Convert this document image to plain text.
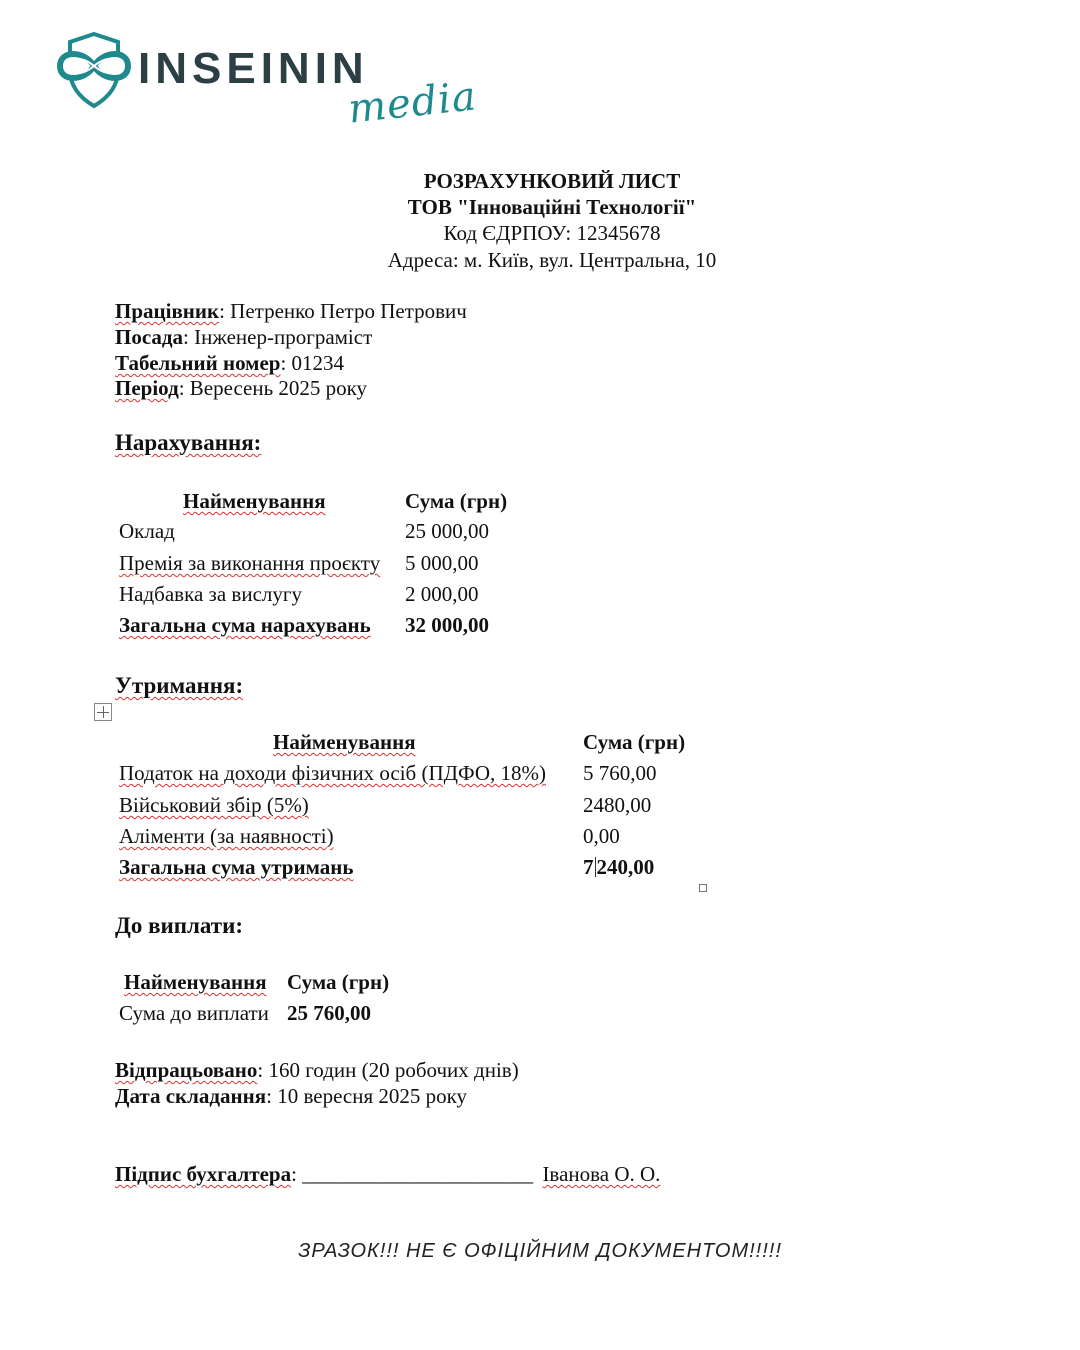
INSEININ
media
РОЗРАХУНКОВИЙ ЛИСТ
ТОВ "Інноваційні Технології"
Код ЄДРПОУ: 12345678
Адреса: м. Київ, вул. Центральна, 10
Працівник: Петренко Петро Петрович
Посада: Інженер-програміст
Табельний номер: 01234
Період: Вересень 2025 року
Нарахування:
Найменування	Сума (грн)
Оклад	25 000,00
Премія за виконання проєкту 5 000,00
Надбавка за вислугу	2 000,00
Загальна сума нарахувань 32 000,00
Утримання:
Найменування	Сума (грн)
Податок на доходи фізичних осіб (ПДФО, 18%) 5 760,00
Військовий збір (5%)	2480,00
Аліменти (за наявності)	0,00
Загальна сума утримань	7 240,00
До виплати:
Найменування Сума (грн)
Сума до виплати 25 760,00
Відпрацьовано: 160 годин (20 робочих днів)
Дата складання: 10 вересня 2025 року
Підпис бухгалтера: ______________________ Іванова О. О.
ЗРАЗОК!!! НЕ Є ОФІЦІЙНИМ ДОКУМЕНТОМ!!!!!
